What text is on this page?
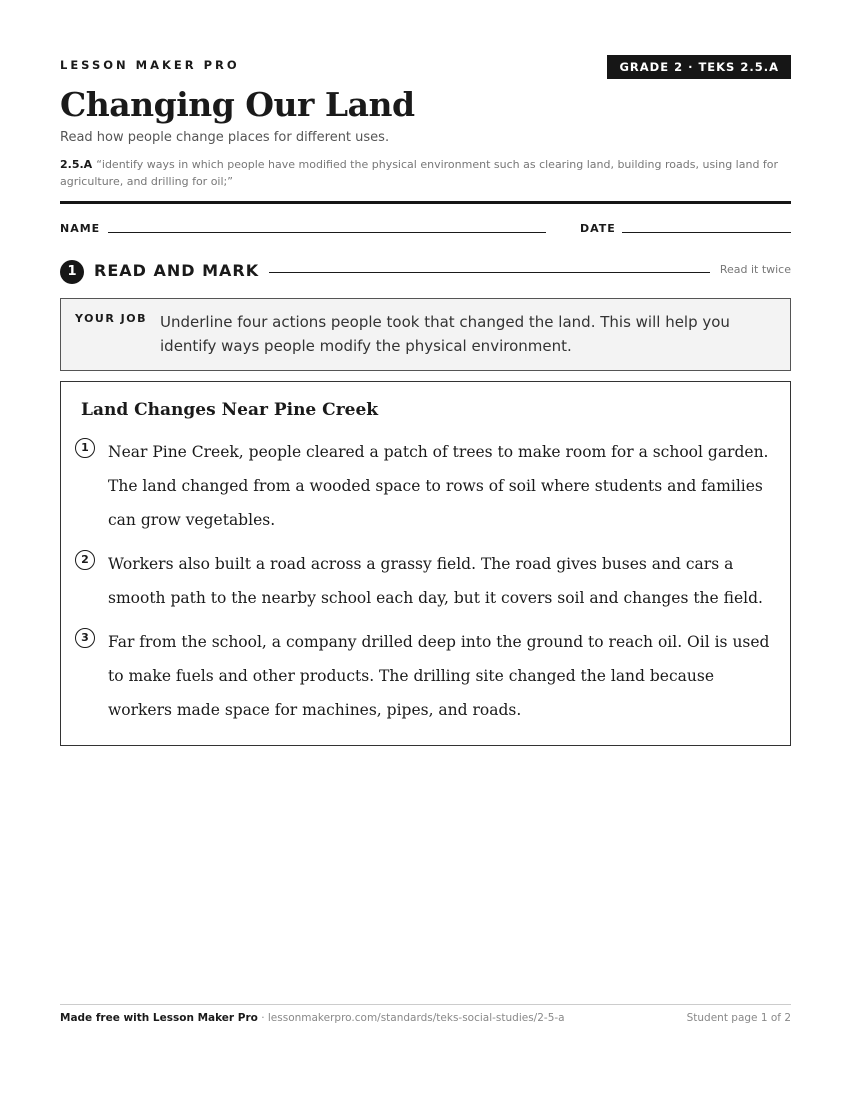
LESSON MAKER PRO	GRADE 2 · TEKS 2.5.A
Changing Our Land
Read how people change places for different uses.
2.5.A “identify ways in which people have modified the physical environment such as clearing land, building roads, using land for agriculture, and drilling for oil;”
NAME	DATE
1	READ AND MARK	Read it twice
YOUR JOB Underline four actions people took that changed the land. This will help you identify ways people modify the physical environment.
Land Changes Near Pine Creek
1	Near Pine Creek, people cleared a patch of trees to make room for a school garden. The land changed from a wooded space to rows of soil where students and families can grow vegetables.
2	Workers also built a road across a grassy field. The road gives buses and cars a smooth path to the nearby school each day, but it covers soil and changes the field.
3	Far from the school, a company drilled deep into the ground to reach oil. Oil is used to make fuels and other products. The drilling site changed the land because workers made space for machines, pipes, and roads.
Made free with Lesson Maker Pro · lessonmakerpro.com/standards/teks-social-studies/2-5-a	Student page 1 of 2
